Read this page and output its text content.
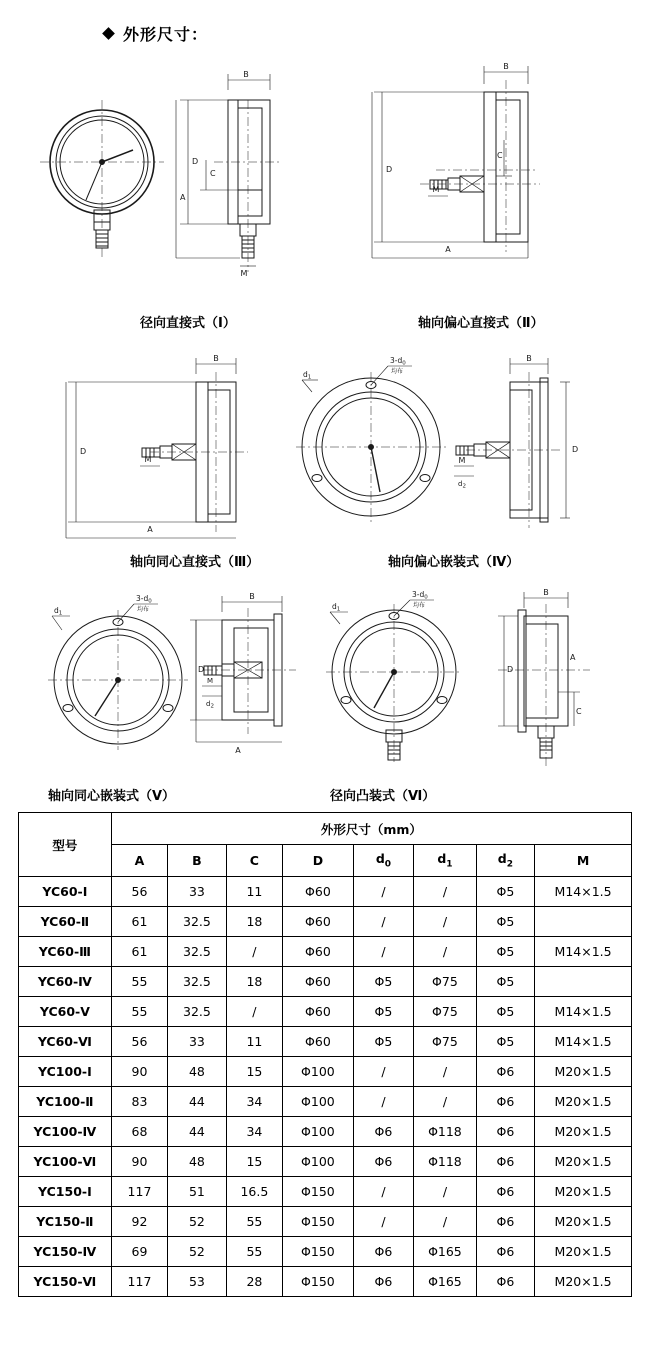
外形尺寸：
B
D
C
A
M
B
D
C
A
M
B
D
A
M
$3-d_0$
均布
$d_1$
B
M
$d_2$
D
$3-d_0$
均布
$d_1$
B
D
M
$d_2$
A
$3-d_0$
均布
$d_1$
B
D
C
A
径向直接式（Ⅰ）	轴向偏心直接式（Ⅱ）
轴向同心直接式（Ⅲ）	轴向偏心嵌装式（Ⅳ）
轴向同心嵌装式（Ⅴ）	径向凸装式（Ⅵ）
型号	外形尺寸（mm）							
	A	B	C	D	$d_0$	$d_1$	$d_2$	M
YC60-Ⅰ	56	33	11	Φ60	/	/	Φ5	M14×1.5
YC60-Ⅱ	61	32.5	18	Φ60	/	/	Φ5	
YC60-Ⅲ	61	32.5	/	Φ60	/	/	Φ5	M14×1.5
YC60-Ⅳ	55	32.5	18	Φ60	Φ5	Φ75	Φ5	
YC60-Ⅴ	55	32.5	/	Φ60	Φ5	Φ75	Φ5	M14×1.5
YC60-Ⅵ	56	33	11	Φ60	Φ5	Φ75	Φ5	M14×1.5
YC100-Ⅰ	90	48	15	Φ100	/	/	Φ6	M20×1.5
YC100-Ⅱ	83	44	34	Φ100	/	/	Φ6	M20×1.5
YC100-Ⅳ	68	44	34	Φ100	Φ6	Φ118	Φ6	M20×1.5
YC100-Ⅵ	90	48	15	Φ100	Φ6	Φ118	Φ6	M20×1.5
YC150-Ⅰ	117	51	16.5	Φ150	/	/	Φ6	M20×1.5
YC150-Ⅱ	92	52	55	Φ150	/	/	Φ6	M20×1.5
YC150-Ⅳ	69	52	55	Φ150	Φ6	Φ165	Φ6	M20×1.5
YC150-Ⅵ	117	53	28	Φ150	Φ6	Φ165	Φ6	M20×1.5
